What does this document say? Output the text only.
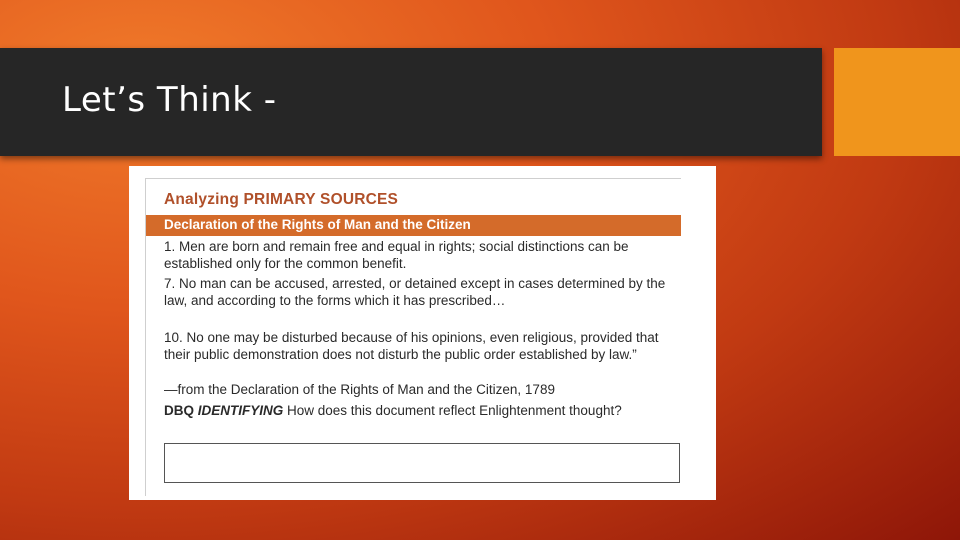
Let’s Think -
Analyzing PRIMARY SOURCES
Declaration of the Rights of Man and the Citizen
1. Men are born and remain free and equal in rights; social distinctions can be established only for the common benefit.
7. No man can be accused, arrested, or detained except in cases determined by the law, and according to the forms which it has prescribed…
10. No one may be disturbed because of his opinions, even religious, provided that their public demonstration does not disturb the public order established by law.”
—from the Declaration of the Rights of Man and the Citizen, 1789
DBQ IDENTIFYING How does this document reflect Enlightenment thought?
